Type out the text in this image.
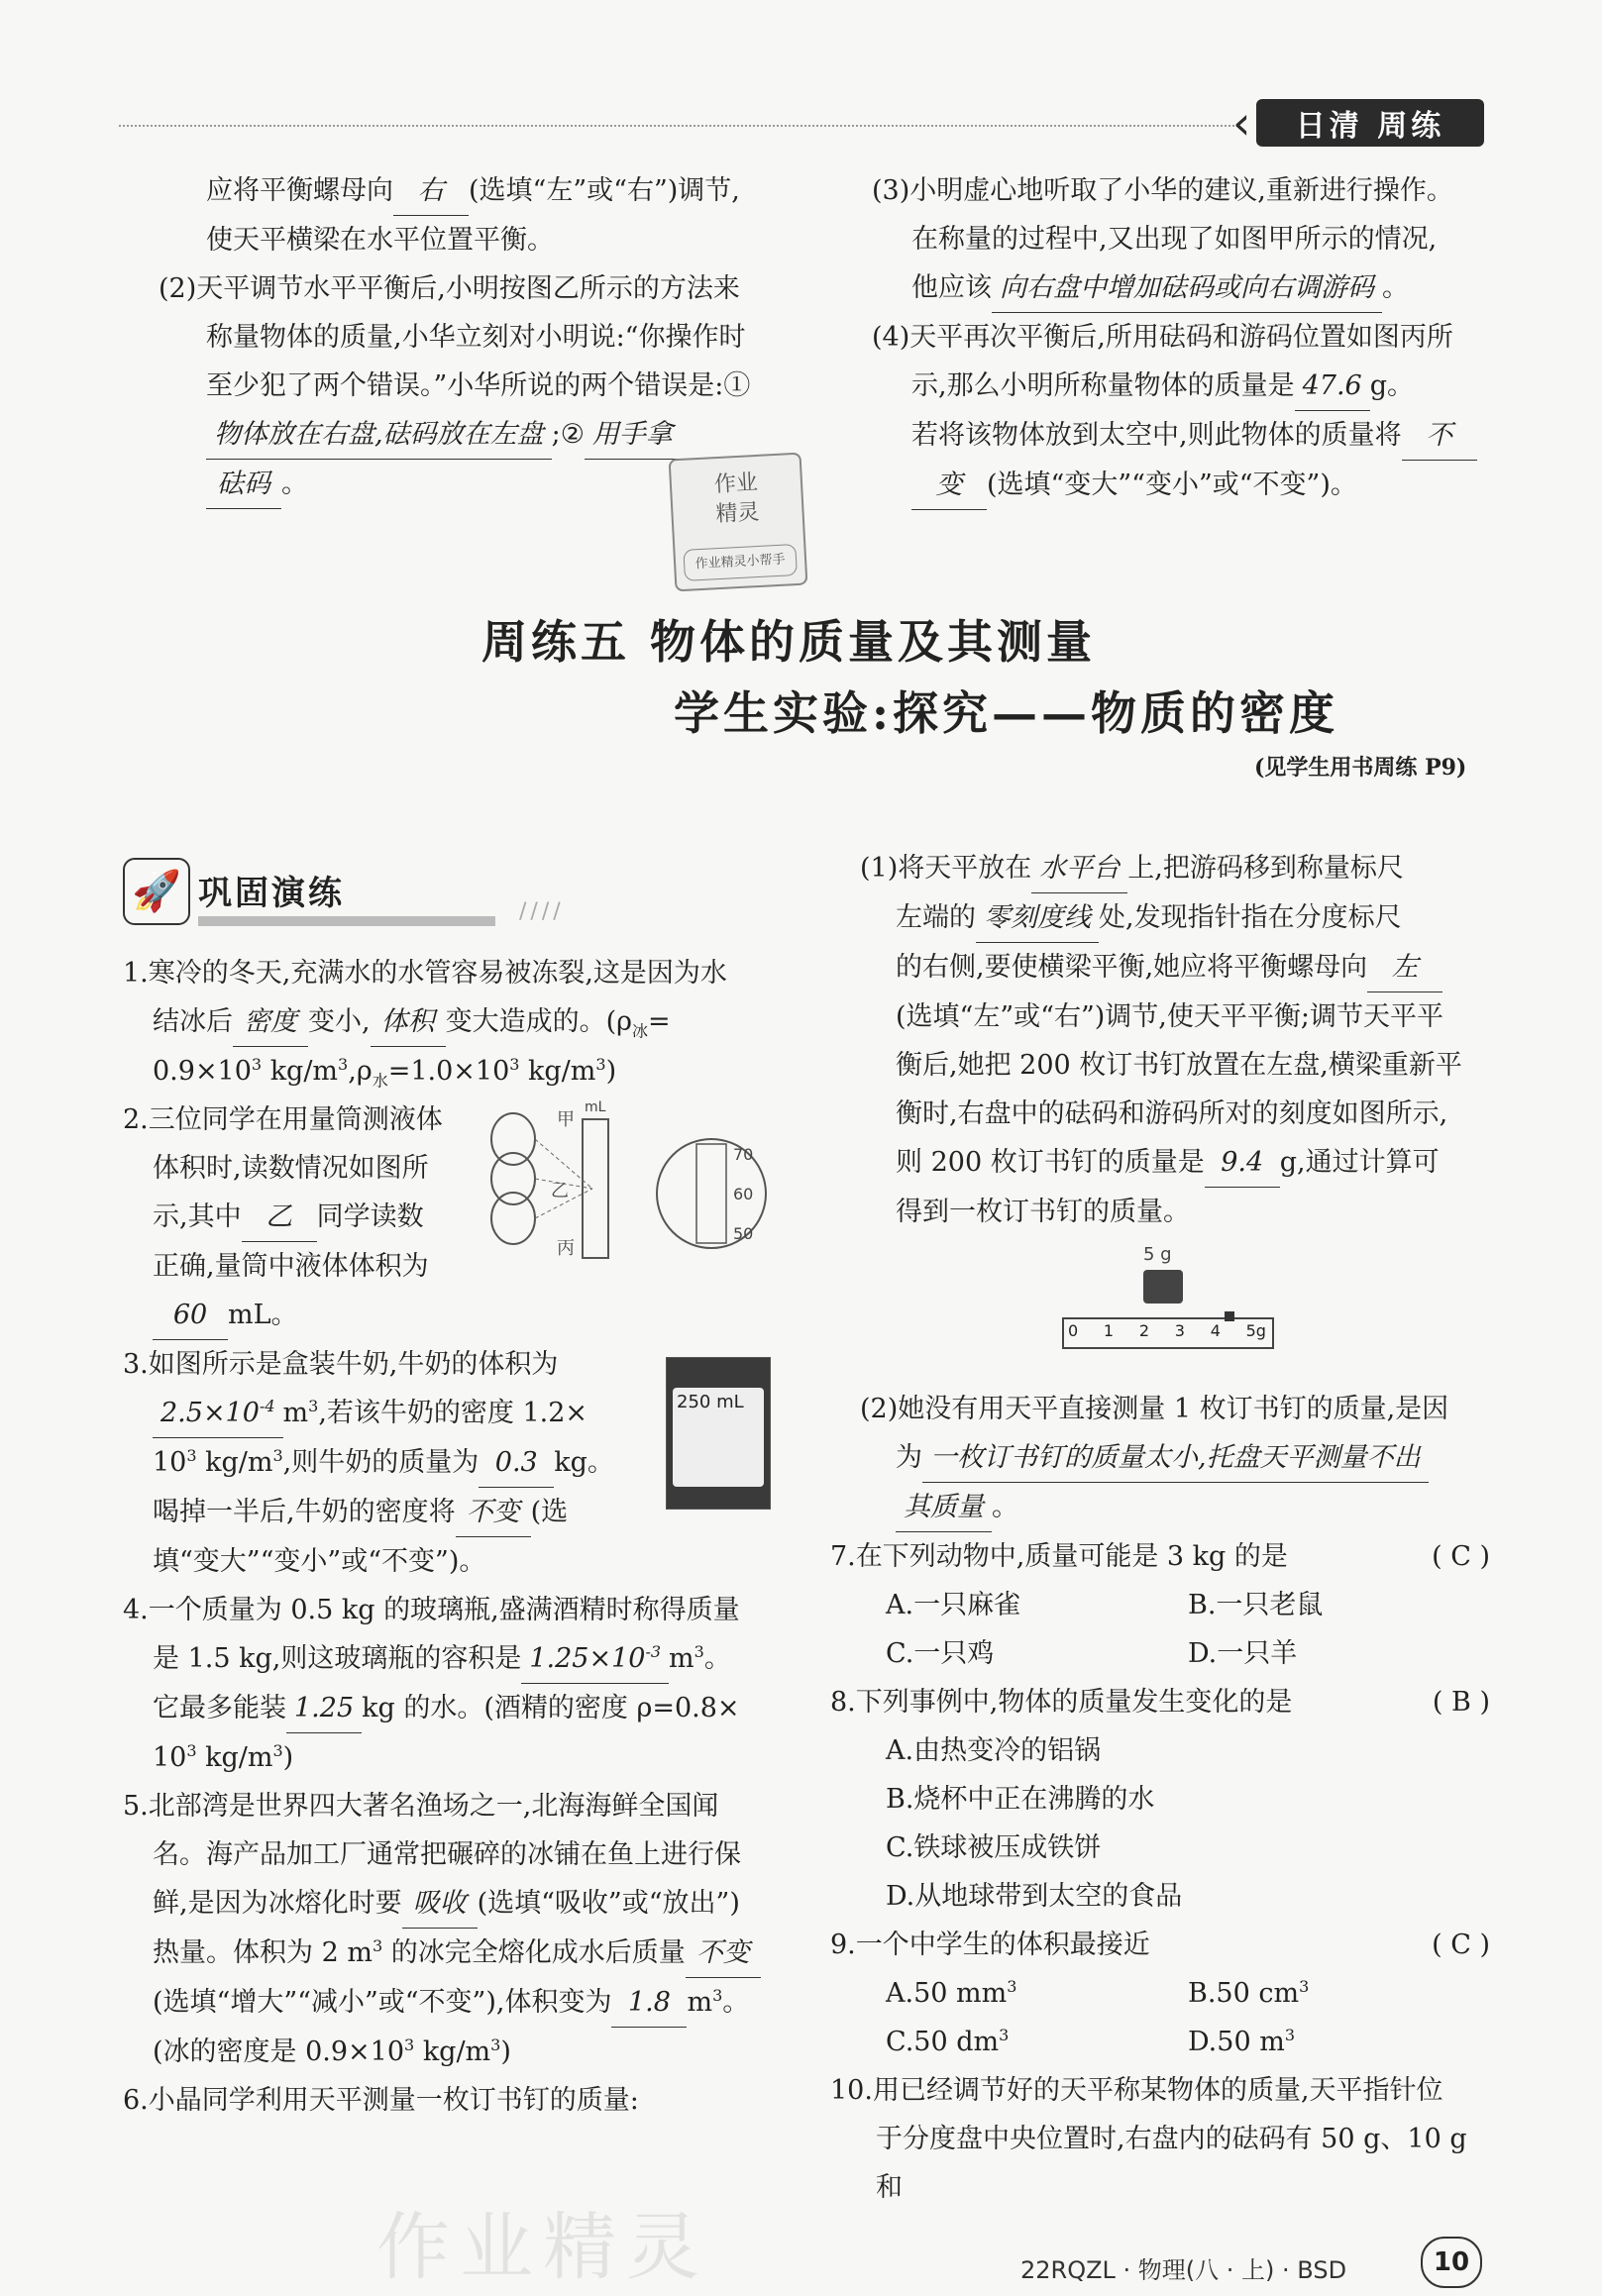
‹	日清 周练

应将平衡螺母向 右 (选填“左”或“右”)调节,

使天平横梁在水平位置平衡。

(2)天平调节水平平衡后,小明按图乙所示的方法来

称量物体的质量,小华立刻对小明说:“你操作时

至少犯了两个错误。”小华所说的两个错误是:①

物体放在右盘,砝码放在左盘 ;② 用手拿

砝码 。

(3)小明虚心地听取了小华的建议,重新进行操作。

在称量的过程中,又出现了如图甲所示的情况,

他应该 向右盘中增加砝码或向右调游码 。

(4)天平再次平衡后,所用砝码和游码位置如图丙所

示,那么小明所称量物体的质量是 47.6 g。

若将该物体放到太空中,则此物体的质量将 不

变 (选填“变大”“变小”或“不变”)。

作业
精灵
作业精灵小帮手
周练五 物体的质量及其测量
学生实验:探究——物质的密度
(见学生用书周练 P9)
🚀 巩固演练	////

1.寒冷的冬天,充满水的水管容易被冻裂,这是因为水

结冰后 密度 变小, 体积 变大造成的。($\rho_冰=$

$0.9\times 10^3$ $kg/m^3,\rho_水=1.0\times 10^3$ $kg/m^3$)

2.三位同学在用量筒测液体

体积时,读数情况如图所

示,其中 乙 同学读数

正确,量筒中液体体积为

60 mL。

3.如图所示是盒装牛奶,牛奶的体积为

$2.5\times 10^{-4}$ $m^3$,若该牛奶的密度 1.2×

$10^3$ $kg/m^3$,则牛奶的质量为 0.3 kg。

喝掉一半后,牛奶的密度将 不变 (选

填“变大”“变小”或“不变”)。

4.一个质量为 0.5 kg 的玻璃瓶,盛满酒精时称得质量

是 1.5 kg,则这玻璃瓶的容积是 $1.25\times 10^{-3}$ $m^3$。

它最多能装 1.25 kg 的水。(酒精的密度 ρ=0.8×

$10^3$ $kg/m^3$)

5.北部湾是世界四大著名渔场之一,北海海鲜全国闻

名。海产品加工厂通常把碾碎的冰铺在鱼上进行保

鲜,是因为冰熔化时要 吸收 (选填“吸收”或“放出”)

热量。体积为 2 $m^3$ 的冰完全熔化成水后质量 不变

(选填“增大”“减小”或“不变”),体积变为 1.8 $m^3$。

(冰的密度是 $0.9\times 10^3$ $kg/m^3$)

6.小晶同学利用天平测量一枚订书钉的质量:

甲
乙
丙
mL
70
60
50
250 mL

(1)将天平放在 水平台 上,把游码移到称量标尺

左端的 零刻度线 处,发现指针指在分度标尺

的右侧,要使横梁平衡,她应将平衡螺母向 左

(选填“左”或“右”)调节,使天平平衡;调节天平平

衡后,她把 200 枚订书钉放置在左盘,横梁重新平

衡时,右盘中的砝码和游码所对的刻度如图所示,

则 200 枚订书钉的质量是 9.4 g,通过计算可

得到一枚订书钉的质量。

(2)她没有用天平直接测量 1 枚订书钉的质量,是因

为 一枚订书钉的质量太小,托盘天平测量不出

其质量 。

7.在下列动物中,质量可能是 3 kg 的是	( C )

A.一只麻雀	B.一只老鼠

C.一只鸡	D.一只羊

8.下列事例中,物体的质量发生变化的是	( B )

A.由热变冷的铝锅

B.烧杯中正在沸腾的水

C.铁球被压成铁饼

D.从地球带到太空的食品

9.一个中学生的体积最接近	( C )

A.50 $mm^3$	B.50 $cm^3$

C.50 $dm^3$	D.50 $m^3$

10.用已经调节好的天平称某物体的质量,天平指针位

于分度盘中央位置时,右盘内的砝码有 50 g、10 g 和

5 g
0 1 2 3 4 5g
作业精灵	22RQZL · 物理(八 · 上) · BSD	10
